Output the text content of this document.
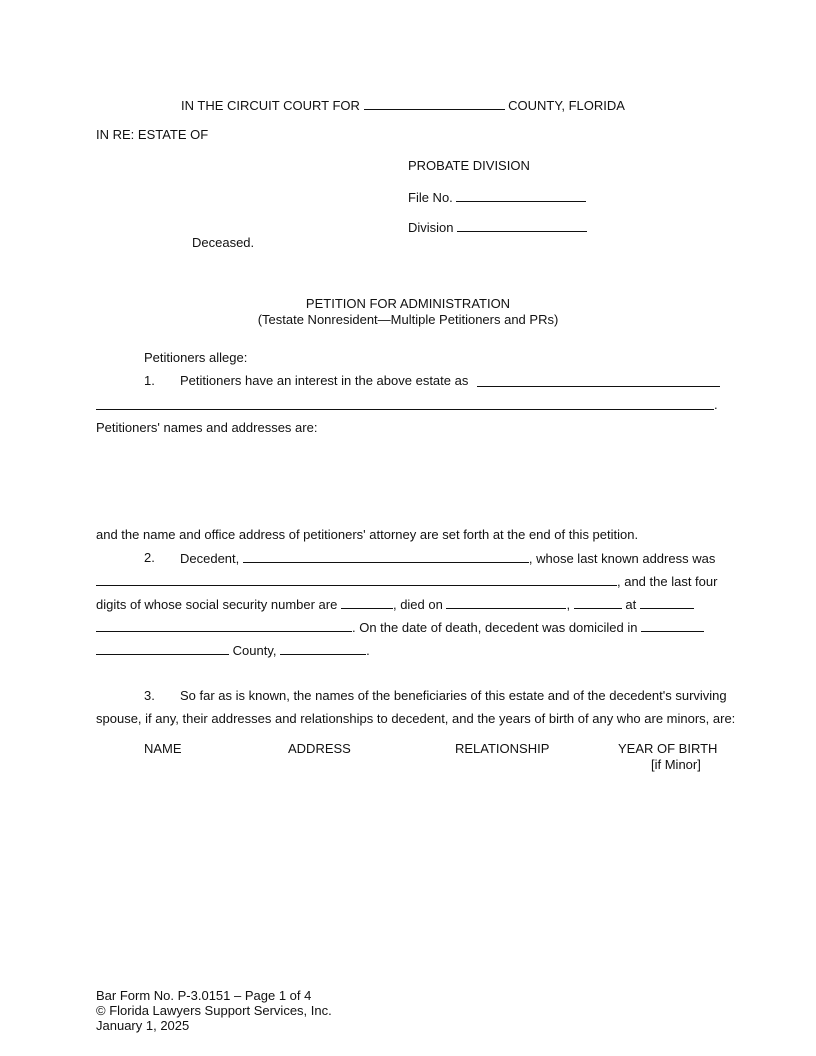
IN THE CIRCUIT COURT FOR	COUNTY, FLORIDA
IN RE: ESTATE OF
PROBATE DIVISION
File No.
Division
Deceased.
PETITION FOR ADMINISTRATION
(Testate Nonresident—Multiple Petitioners and PRs)
Petitioners allege:
1. Petitioners have an interest in the above estate as
.
Petitioners' names and addresses are:
and the name and office address of petitioners' attorney are set forth at the end of this petition.
2. Decedent,	, whose last known address was
, and the last four
digits of whose social security number are	, died on	,	at
. On the date of death, decedent was domiciled in
County,	.
3. So far as is known, the names of the beneficiaries of this estate and of the decedent's surviving
spouse, if any, their addresses and relationships to decedent, and the years of birth of any who are minors, are:
NAME	ADDRESS	RELATIONSHIP	YEAR OF BIRTH
[if Minor]
Bar Form No. P-3.0151 – Page 1 of 4
© Florida Lawyers Support Services, Inc.
January 1, 2025
